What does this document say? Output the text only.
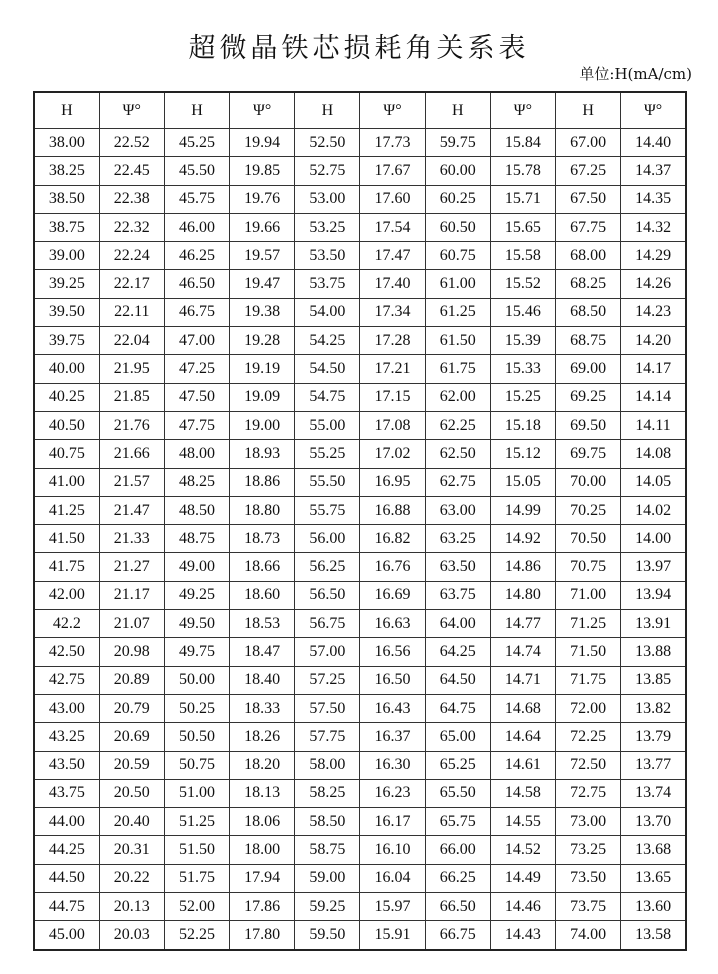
超微晶铁芯损耗角关系表
单位:H(mA/cm)
H	Ψ°	H	Ψ°	H	Ψ°	H	Ψ°	H	Ψ°
38.00	22.52	45.25	19.94	52.50	17.73	59.75	15.84	67.00	14.40
38.25	22.45	45.50	19.85	52.75	17.67	60.00	15.78	67.25	14.37
38.50	22.38	45.75	19.76	53.00	17.60	60.25	15.71	67.50	14.35
38.75	22.32	46.00	19.66	53.25	17.54	60.50	15.65	67.75	14.32
39.00	22.24	46.25	19.57	53.50	17.47	60.75	15.58	68.00	14.29
39.25	22.17	46.50	19.47	53.75	17.40	61.00	15.52	68.25	14.26
39.50	22.11	46.75	19.38	54.00	17.34	61.25	15.46	68.50	14.23
39.75	22.04	47.00	19.28	54.25	17.28	61.50	15.39	68.75	14.20
40.00	21.95	47.25	19.19	54.50	17.21	61.75	15.33	69.00	14.17
40.25	21.85	47.50	19.09	54.75	17.15	62.00	15.25	69.25	14.14
40.50	21.76	47.75	19.00	55.00	17.08	62.25	15.18	69.50	14.11
40.75	21.66	48.00	18.93	55.25	17.02	62.50	15.12	69.75	14.08
41.00	21.57	48.25	18.86	55.50	16.95	62.75	15.05	70.00	14.05
41.25	21.47	48.50	18.80	55.75	16.88	63.00	14.99	70.25	14.02
41.50	21.33	48.75	18.73	56.00	16.82	63.25	14.92	70.50	14.00
41.75	21.27	49.00	18.66	56.25	16.76	63.50	14.86	70.75	13.97
42.00	21.17	49.25	18.60	56.50	16.69	63.75	14.80	71.00	13.94
42.2	21.07	49.50	18.53	56.75	16.63	64.00	14.77	71.25	13.91
42.50	20.98	49.75	18.47	57.00	16.56	64.25	14.74	71.50	13.88
42.75	20.89	50.00	18.40	57.25	16.50	64.50	14.71	71.75	13.85
43.00	20.79	50.25	18.33	57.50	16.43	64.75	14.68	72.00	13.82
43.25	20.69	50.50	18.26	57.75	16.37	65.00	14.64	72.25	13.79
43.50	20.59	50.75	18.20	58.00	16.30	65.25	14.61	72.50	13.77
43.75	20.50	51.00	18.13	58.25	16.23	65.50	14.58	72.75	13.74
44.00	20.40	51.25	18.06	58.50	16.17	65.75	14.55	73.00	13.70
44.25	20.31	51.50	18.00	58.75	16.10	66.00	14.52	73.25	13.68
44.50	20.22	51.75	17.94	59.00	16.04	66.25	14.49	73.50	13.65
44.75	20.13	52.00	17.86	59.25	15.97	66.50	14.46	73.75	13.60
45.00	20.03	52.25	17.80	59.50	15.91	66.75	14.43	74.00	13.58
